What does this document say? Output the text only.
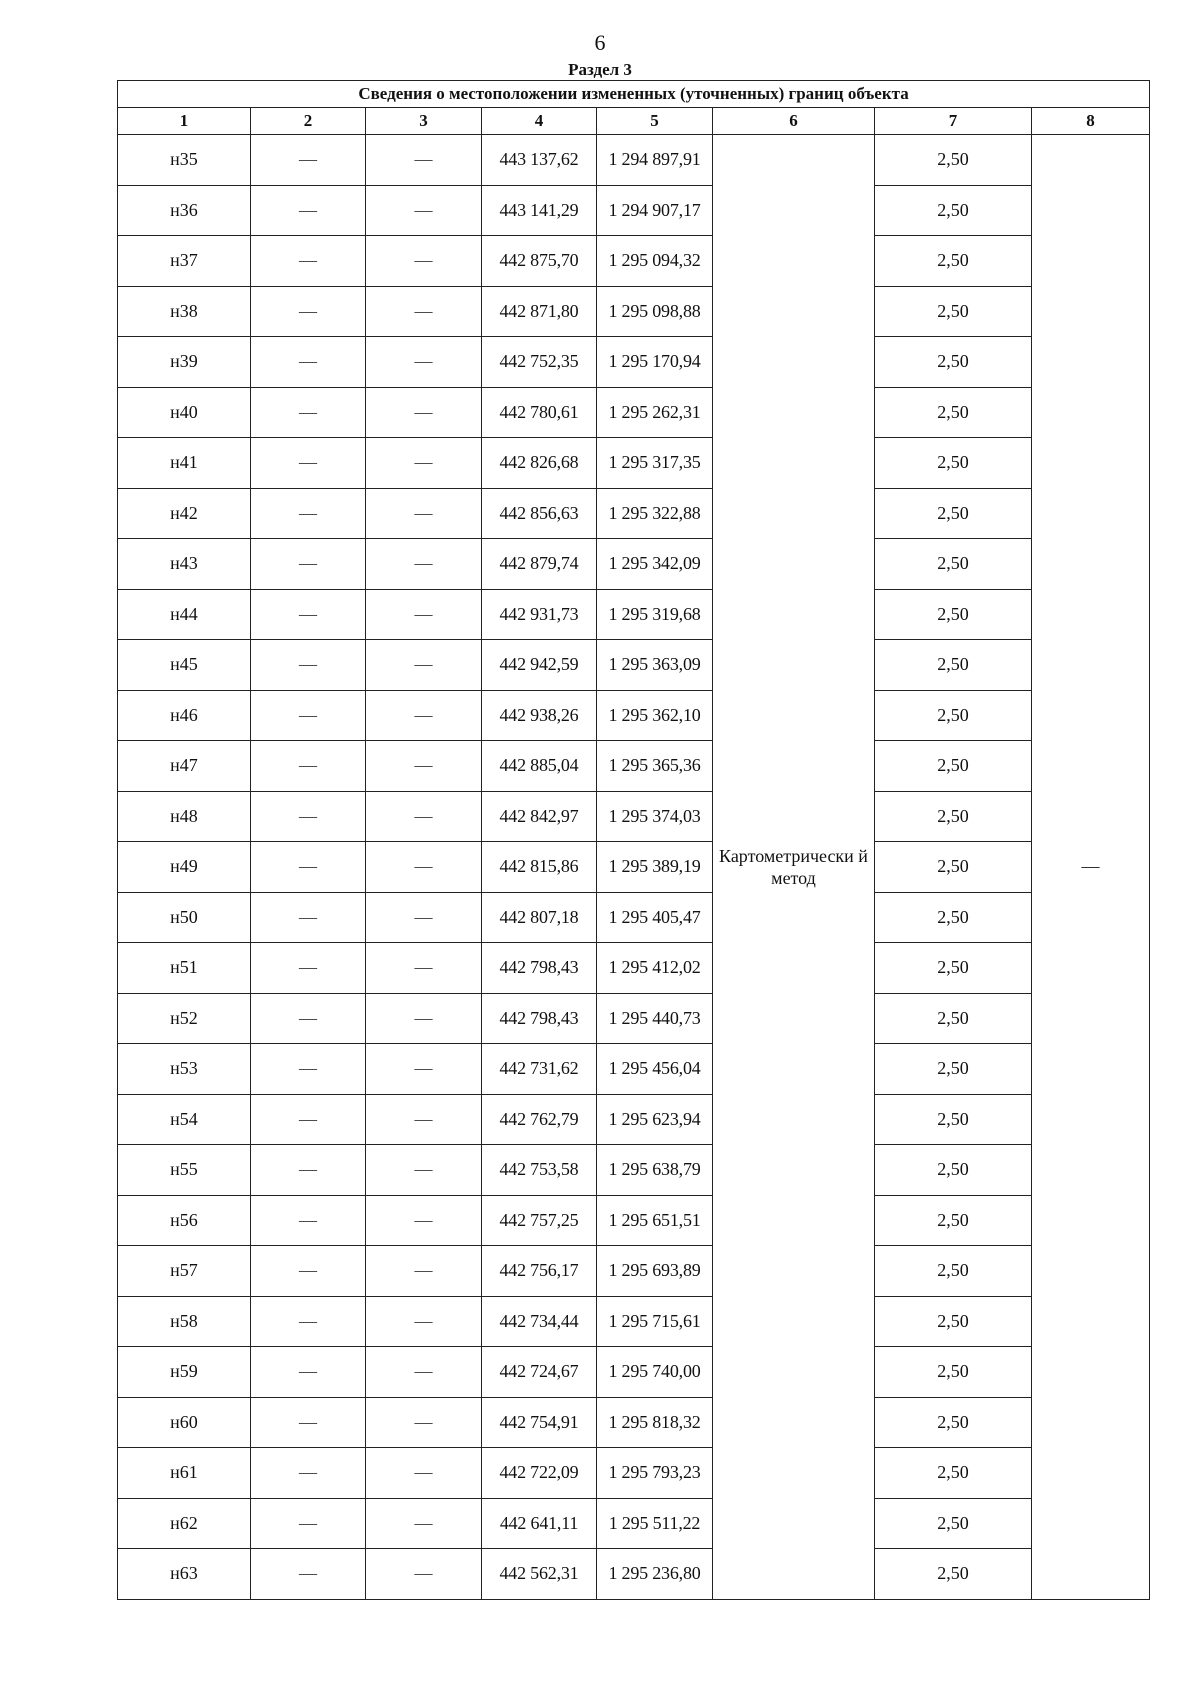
6
Раздел 3
Сведения о местоположении измененных (уточненных) границ объекта							
1	2	3	4	5	6	7	8
н35	—	—	443 137,62	1 294 897,91	Картометрически й метод	2,50	—
н36	—	—	443 141,29	1 294 907,17		2,50	
н37	—	—	442 875,70	1 295 094,32		2,50	
н38	—	—	442 871,80	1 295 098,88		2,50	
н39	—	—	442 752,35	1 295 170,94		2,50	
н40	—	—	442 780,61	1 295 262,31		2,50	
н41	—	—	442 826,68	1 295 317,35		2,50	
н42	—	—	442 856,63	1 295 322,88		2,50	
н43	—	—	442 879,74	1 295 342,09		2,50	
н44	—	—	442 931,73	1 295 319,68		2,50	
н45	—	—	442 942,59	1 295 363,09		2,50	
н46	—	—	442 938,26	1 295 362,10		2,50	
н47	—	—	442 885,04	1 295 365,36		2,50	
н48	—	—	442 842,97	1 295 374,03		2,50	
н49	—	—	442 815,86	1 295 389,19		2,50	
н50	—	—	442 807,18	1 295 405,47		2,50	
н51	—	—	442 798,43	1 295 412,02		2,50	
н52	—	—	442 798,43	1 295 440,73		2,50	
н53	—	—	442 731,62	1 295 456,04		2,50	
н54	—	—	442 762,79	1 295 623,94		2,50	
н55	—	—	442 753,58	1 295 638,79		2,50	
н56	—	—	442 757,25	1 295 651,51		2,50	
н57	—	—	442 756,17	1 295 693,89		2,50	
н58	—	—	442 734,44	1 295 715,61		2,50	
н59	—	—	442 724,67	1 295 740,00		2,50	
н60	—	—	442 754,91	1 295 818,32		2,50	
н61	—	—	442 722,09	1 295 793,23		2,50	
н62	—	—	442 641,11	1 295 511,22		2,50	
н63	—	—	442 562,31	1 295 236,80		2,50	
